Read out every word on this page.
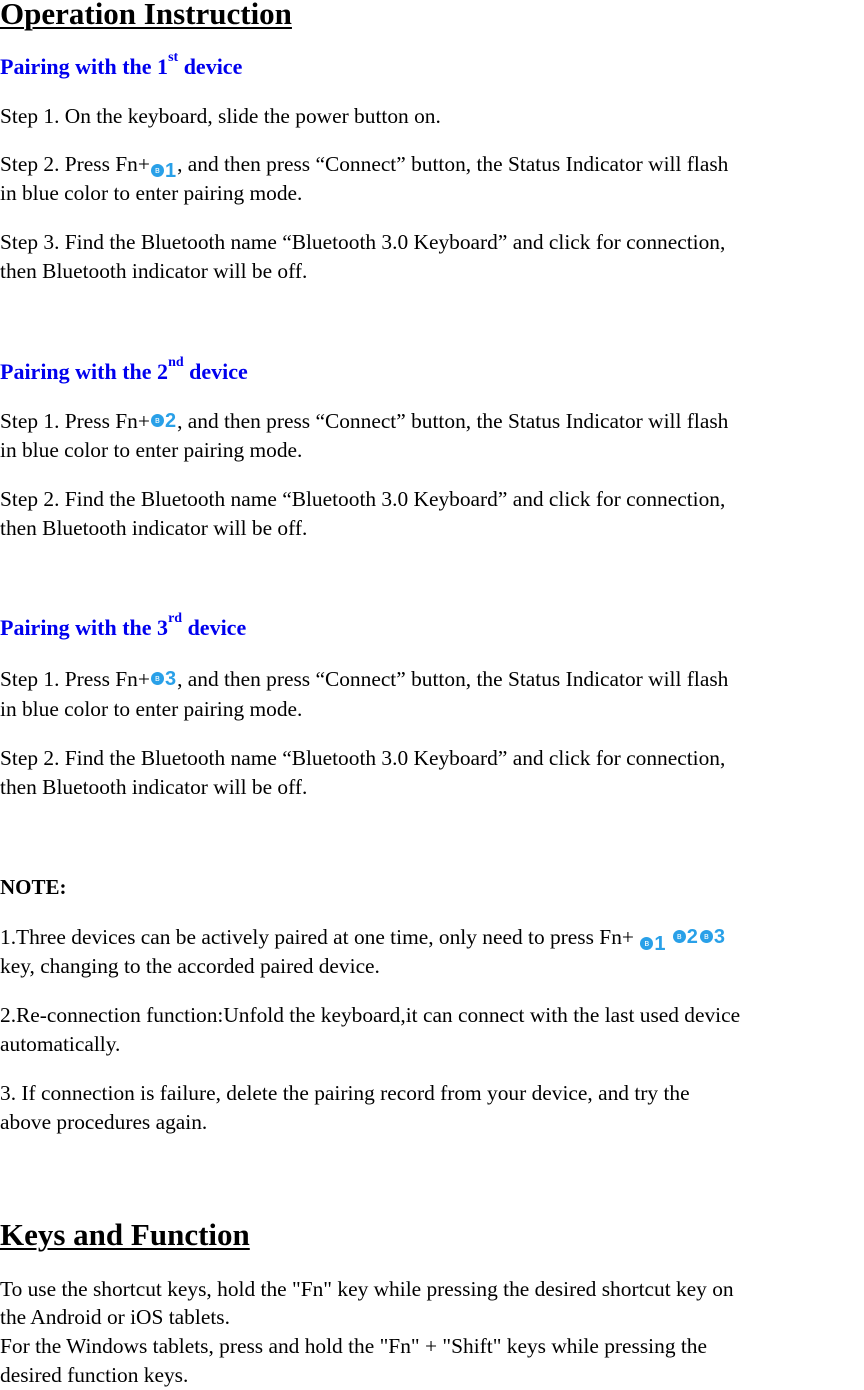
Operation Instruction
Pairing with the 1st device

Step 1. On the keyboard, slide the power button on.

Step 2. Press Fn+ ʙ 1 , and then press “Connect” button, the Status Indicator will flash

in blue color to enter pairing mode.

Step 3. Find the Bluetooth name “Bluetooth 3.0 Keyboard” and click for connection,

then Bluetooth indicator will be off.

Pairing with the 2nd device

Step 1. Press Fn+ ʙ 2 , and then press “Connect” button, the Status Indicator will flash

in blue color to enter pairing mode.

Step 2. Find the Bluetooth name “Bluetooth 3.0 Keyboard” and click for connection,

then Bluetooth indicator will be off.

Pairing with the 3rd device

Step 1. Press Fn+ ʙ 3 , and then press “Connect” button, the Status Indicator will flash

in blue color to enter pairing mode.

Step 2. Find the Bluetooth name “Bluetooth 3.0 Keyboard” and click for connection,

then Bluetooth indicator will be off.

NOTE:

1.Three devices can be actively paired at one time, only need to press Fn+	ʙ 1
	ʙ 2 ʙ 3

key, changing to the accorded paired device.

2.Re-connection function:Unfold the keyboard,it can connect with the last used device

automatically.

3. If connection is failure, delete the pairing record from your device, and try the

above procedures again.

Keys and Function

To use the shortcut keys, hold the "Fn" key while pressing the desired shortcut key on

the Android or iOS tablets.

For the Windows tablets, press and hold the "Fn" + "Shift" keys while pressing the

desired function keys.
